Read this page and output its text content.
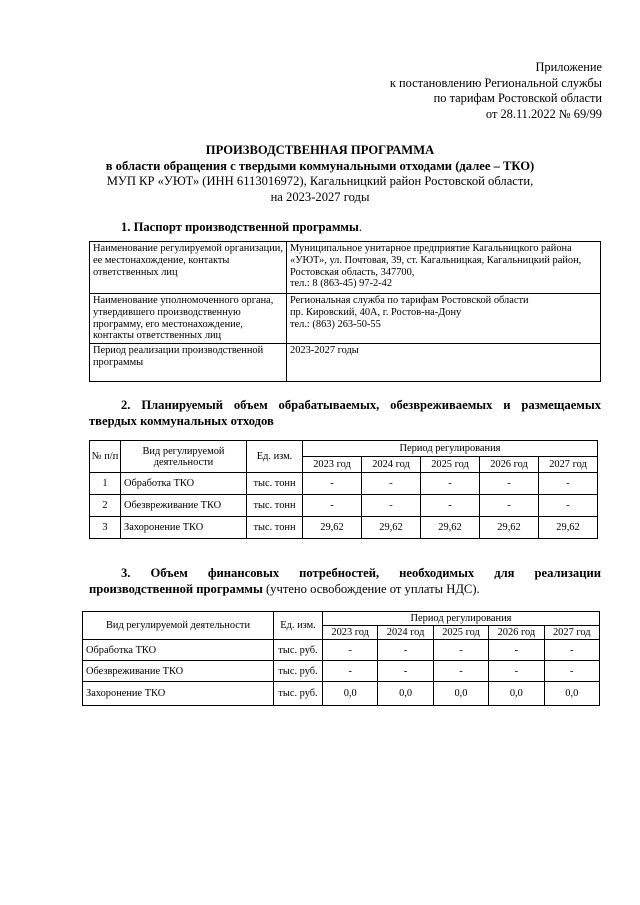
Приложение
к постановлению Региональной службы
по тарифам Ростовской области
от 28.11.2022 № 69/99
ПРОИЗВОДСТВЕННАЯ ПРОГРАММА
в области обращения с твердыми коммунальными отходами (далее – ТКО)
МУП КР «УЮТ» (ИНН 6113016972), Кагальницкий район Ростовской области,
на 2023-2027 годы
1. Паспорт производственной программы.
Наименование регулируемой организации, ее местонахождение, контакты ответственных лиц	Муниципальное унитарное предприятие Кагальницкого района «УЮТ», ул. Почтовая, 39, ст. Кагальницкая, Кагальницкий район, Ростовская область, 347700,
тел.: 8 (863-45) 97-2-42

Наименование уполномоченного органа, утвердившего производственную программу, его местонахождение, контакты ответственных лиц	Региональная служба по тарифам Ростовской области
пр. Кировский, 40А, г. Ростов-на-Дону
тел.: (863) 263-50-55

Период реализации производственной программы	2023-2027 годы
2. Планируемый объем обрабатываемых, обезвреживаемых и размещаемых твердых коммунальных отходов
№ п/п	Вид регулируемой деятельности	Ед. изм.	Период регулирования				
			2023 год	2024 год	2025 год	2026 год	2027 год
1	Обработка ТКО	тыс. тонн	-	-	-	-	-
2	Обезвреживание ТКО	тыс. тонн	-	-	-	-	-
3	Захоронение ТКО	тыс. тонн	29,62	29,62	29,62	29,62	29,62
3. Объем финансовых потребностей, необходимых для реализации производственной программы (учтено освобождение от уплаты НДС).
Вид регулируемой деятельности	Ед. изм.	Период регулирования				
		2023 год	2024 год	2025 год	2026 год	2027 год
Обработка ТКО	тыс. руб.	-	-	-	-	-
Обезвреживание ТКО	тыс. руб.	-	-	-	-	-
Захоронение ТКО	тыс. руб.	0,0	0,0	0,0	0,0	0,0
